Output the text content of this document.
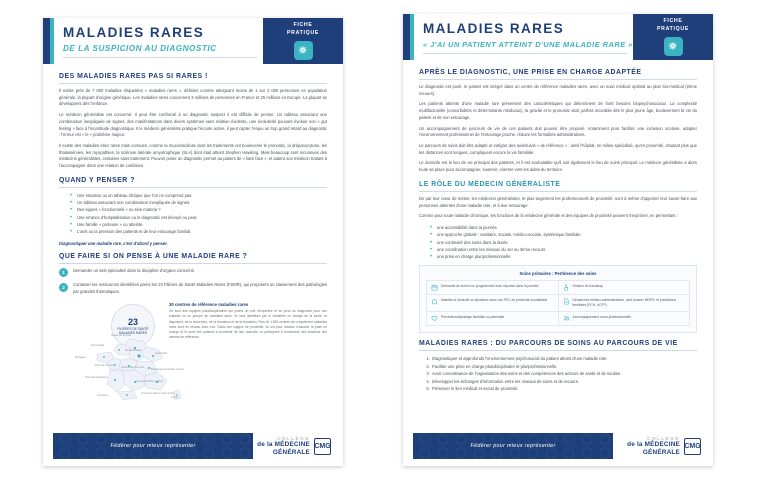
MALADIES RARES
DE LA SUSPICION AU DIAGNOSTIC
FICHE
PRATIQUE
DES MALADIES RARES PAS SI RARES !

Il existe près de 7 000 maladies étiquetées « maladies rares », définies comme atteignant moins de 1 sur 2 000 personnes en population générale, la plupart d'origine génétique. Les maladies rares concernent 3 millions de personnes en France et 25 millions en Europe. La plupart se développent dès l'enfance.

Le médecin généraliste est concerné. Il peut être confronté à un diagnostic suspect il est difficile de penser. Un tableau associant une combinaison inexpliquée de signes, des manifestations dans divers systèmes sans relation évidente, une évolutivité pouvant évoluer son « gut feeling » face à l'incertitude diagnostique. Il le médecin généraliste pratique l'écoute active, il peut capter l'enjeu un trop grand retard au diagnostic : l'erreur est « le » problème majeur.

Il existe des maladies étiez rares mais connues, comme la mucoviscidose dont les traitements ont bouleversé le pronostic, la drépanocytose, les thalassémies, les myopathies, la sclérose latérale amyotrophique (SLA) dont était atteint Stephen Hawking. Mais beaucoup sont inconnues des médecins généralistes, certaines sans traitement. Pouvoir poser un diagnostic permet au patient de « faire face », et aidera son médecin traitant à l'accompagner dans une relation de confiance.

QUAND Y PENSER ?
• Une situation ou un tableau clinique que l'on ne comprend pas.
• Un tableau associant une combinaison inexpliquée de signes.
• Des signes « fonctionnels » ou sine materia ?
• Une errance d'hospitalisation ou le diagnostic est dévoyé ou peut.
• Une famille « porteuse » ou atteinte.
• L'avis ou la pression des patients et de leur entourage familial.
Diagnostiquer une maladie rare, c'est d'abord y penser.
QUE FAIRE SI ON PENSE À UNE MALADIE RARE ?
1	Demander un avis spécialisé dans la discipline d'organe concerné.
2	Contacter les ressources identifiées parmi les 23 Filières de Santé Maladies Rares (FSMR), qui proposent un classement des pathologies par grandes thématiques.
23
FILIÈRES DE SANTÉ MALADIES RARES
30 centres de référence maladies rares
Ce sont des équipes pluridisciplinaires qui jouent un rôle d'expertise et de pivot du diagnostic pour une maladie ou un groupe de maladies rares. Ils sont labellisés par le ministère en charge de la santé, et disposent, de la recherche, de la formation et de la formation. Plus de 1 800 centres de compétence maladies rares sont en réseau avec eux. Dans une logique de proximité, ils ont pour mission d'assurer la prise en charge et le suivi des patients à proximité de leur domicile, et participent à l'ensemble des missions des centres de référence.
Hauts-de-France
Normandie
Île-de-France
Grand Est
Bretagne
Pays de la Loire
Centre-Val de Loire
Bourgogne-Franche-Comté
Nouvelle-Aquitaine
Auvergne-Rhône-Alpes
Occitanie
Provence-Alpes-Côte d'Azur
Corse
Fédérer pour mieux représenter
COLLÈGE
de la MÉDECINE
GÉNÉRALE
CMG
MALADIES RARES
« J'AI UN PATIENT ATTEINT D'UNE MALADIE RARE »
FICHE
PRATIQUE
APRÈS LE DIAGNOSTIC, UNE PRISE EN CHARGE ADAPTÉE

Le diagnostic est posé, le patient est intégré dans un centre de référence maladies rares, avec un suivi médical optimal au plan bio-médical (2ème recours).

Les patients atteints d'une maladie rare présentent des caractéristiques qui déterminent de forts besoins biopsychosociaux. La complexité multifactorielle (comorbidités et déterminants médicaux), la gravité et le pronostic vital, parfois incurable dès le plus jeune âge, bouleversent la vie du patient et de son entourage.

Un accompagnement de parcours de vie de ces patients doit pouvoir être proposé, notamment pour faciliter une inclusion scolaire, adapter l'environnement professionnel de l'entourage proche, réduire les formalités administratives.

Le parcours de soins doit être adapté et intégrer des avis/suivis « de référence » : ainsi l'hôpital, en milieu spécialisé, qu'en proximité, d'autant plus que les distances sont longues, compliquent encore la vie familiale.

Le domicile est le lieu de vie principal des patients, et il est souhaitable qu'il soit également le lieu de soins principal. Le médecin généraliste a alors toute sa place pour accompagner, soutenir, orienter vers les aides du territoire.

LE RÔLE DU MÉDECIN GÉNÉRALISTE

De par leur cœur de métier, les médecins généralistes, et plus largement les professionnels de proximité, sont à même d'apporter leur savoir-faire aux personnes atteintes d'une maladie rare, et à leur entourage.

Comme pour toute maladie chronique, les fonctions de la médecine générale et des équipes de proximité peuvent s'exprimer, en permettant :

• une accessibilité dans la journée
• une approche globale : sanitaire, sociale, médico-sociale, systémique familiale
• une continuité des soins dans la durée
• une coordination entre les niveaux du 1er au 3ème recours
• une prise en charge pluriprofessionnelle
Soins primaires : Pertinence des soins
Demande de soins non programmés avec réponse dans la journée	Gestion du handicap

Maintien à domicile ou situations avec une PEC de proximité souhaitable	Démarches médico-administratives, dont dossier MDPH, et prestations familiales (PCH, ACFP)

Prévention/dépistage familiale ou parentale	Accompagnement socio-professionnelle
MALADIES RARES : DU PARCOURS DE SOINS AU PARCOURS DE VIE
1. Diagnostiquer et approfondir l'environnement psychosocial du patient atteint d'une maladie rare.
2. Faciliter une prise en charge pluridisciplinaire et pluriprofessionnelle.
3. Avoir connaissance de l'organisation des soins et des compétences des acteurs de santé et de soutien.
4. Développer les échanges d'information entre les niveaux de soins et de recours.
5. Préserver le lien médical et social de proximité.
Fédérer pour mieux représenter
COLLÈGE
de la MÉDECINE
GÉNÉRALE
CMG
